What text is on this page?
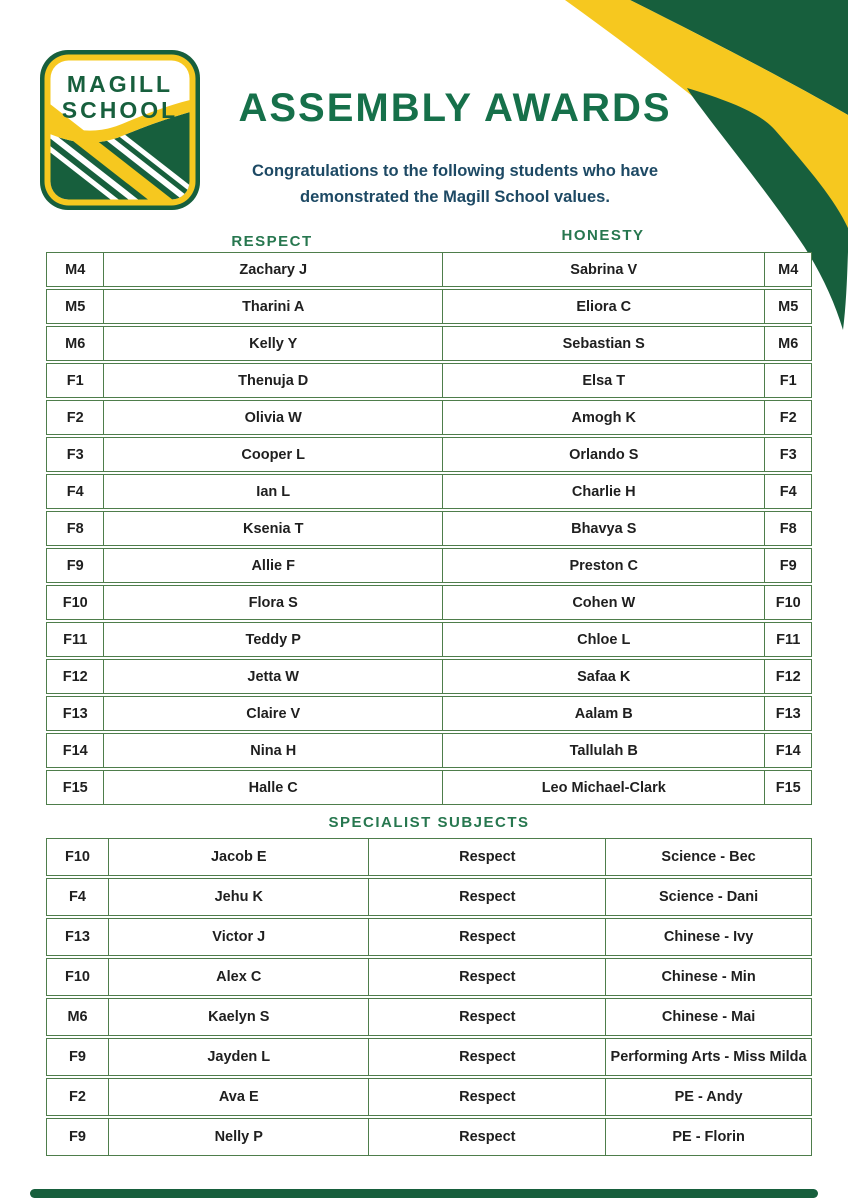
MAGILL
SCHOOL	ASSEMBLY AWARDS
Congratulations to the following students who have
demonstrated the Magill School values.
RESPECT	HONESTY
M4	Zachary J	Sabrina V	M4
M5	Tharini A	Eliora C	M5
M6	Kelly Y	Sebastian S	M6
F1	Thenuja D	Elsa T	F1
F2	Olivia W	Amogh K	F2
F3	Cooper L	Orlando S	F3
F4	Ian L	Charlie H	F4
F8	Ksenia T	Bhavya S	F8
F9	Allie F	Preston C	F9
F10	Flora S	Cohen W	F10
F11	Teddy P	Chloe L	F11
F12	Jetta W	Safaa K	F12
F13	Claire V	Aalam B	F13
F14	Nina H	Tallulah B	F14
F15	Halle C	Leo Michael-Clark	F15
SPECIALIST SUBJECTS
F10	Jacob E	Respect	Science - Bec
F4	Jehu K	Respect	Science - Dani
F13	Victor J	Respect	Chinese - Ivy
F10	Alex C	Respect	Chinese - Min
M6	Kaelyn S	Respect	Chinese - Mai
F9	Jayden L	Respect	Performing Arts - Miss Milda
F2	Ava E	Respect	PE - Andy
F9	Nelly P	Respect	PE - Florin
